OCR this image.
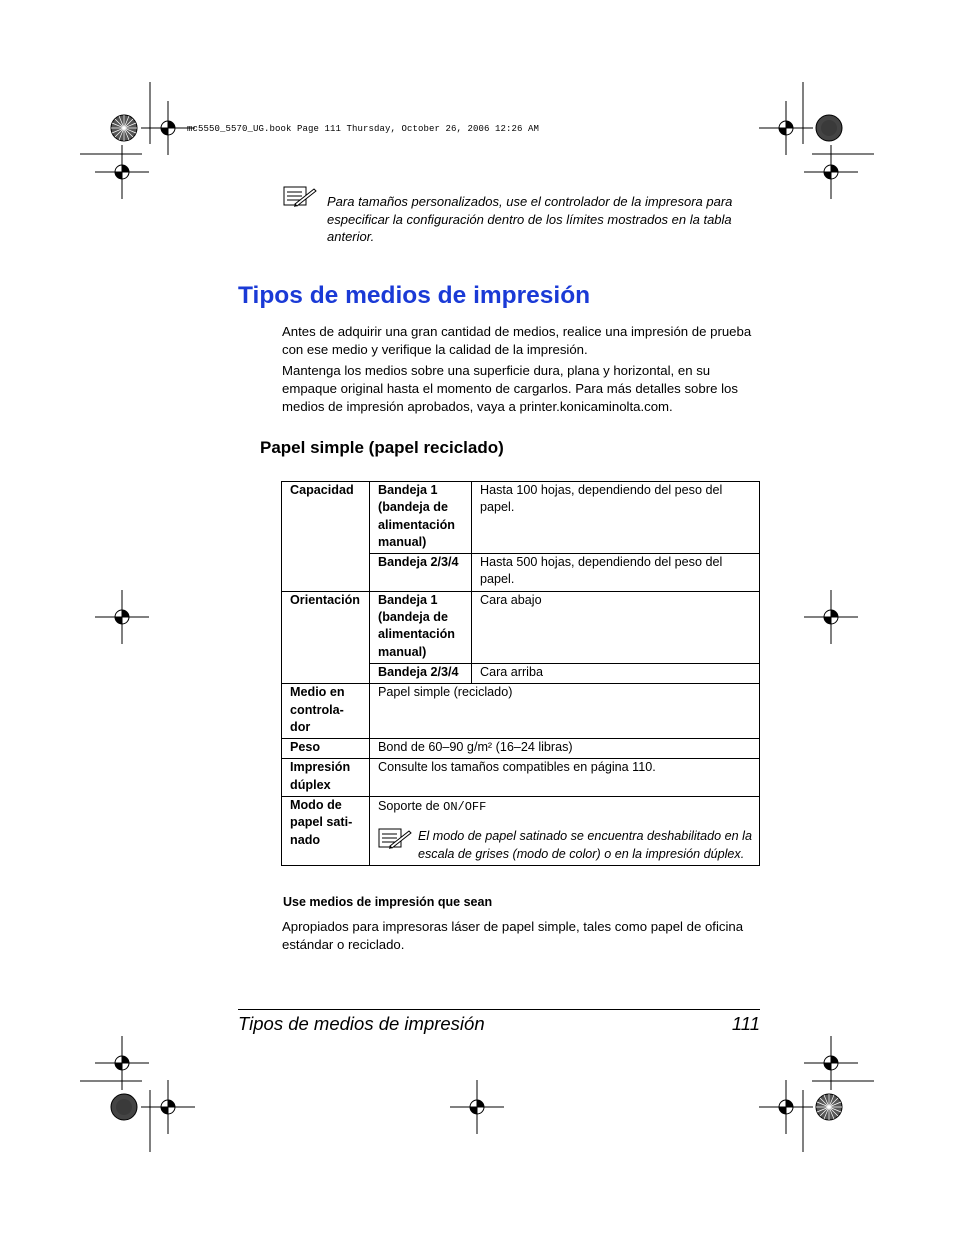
mc5550_5570_UG.book Page 111 Thursday, October 26, 2006 12:26 AM
Para tamaños personalizados, use el controlador de la impresora para especificar la configuración dentro de los límites mostrados en la tabla anterior.
Tipos de medios de impresión
Antes de adquirir una gran cantidad de medios, realice una impresión de prueba con ese medio y verifique la calidad de la impresión.
Mantenga los medios sobre una superficie dura, plana y horizontal, en su empaque original hasta el momento de cargarlos. Para más detalles sobre los medios de impresión aprobados, vaya a printer.konicaminolta.com.
Papel simple (papel reciclado)
Capacidad	Bandeja 1 (bandeja de alimentación manual)	Hasta 100 hojas, dependiendo del peso del papel.
	Bandeja 2/3/4	Hasta 500 hojas, dependiendo del peso del papel.
Orientación	Bandeja 1 (bandeja de alimentación manual)	Cara abajo
	Bandeja 2/3/4	Cara arriba
Medio en controla-dor	Papel simple (reciclado)	
Peso	Bond de 60–90 g/m² (16–24 libras)	
Impresión dúplex	Consulte los tamaños compatibles en página 110.	
Modo de papel sati-nado	Soporte de ON/OFF
El modo de papel satinado se encuentra deshabilitado en la escala de grises (modo de color) o en la impresión dúplex.	
Use medios de impresión que sean
Apropiados para impresoras láser de papel simple, tales como papel de oficina estándar o reciclado.
Tipos de medios de impresión	111
